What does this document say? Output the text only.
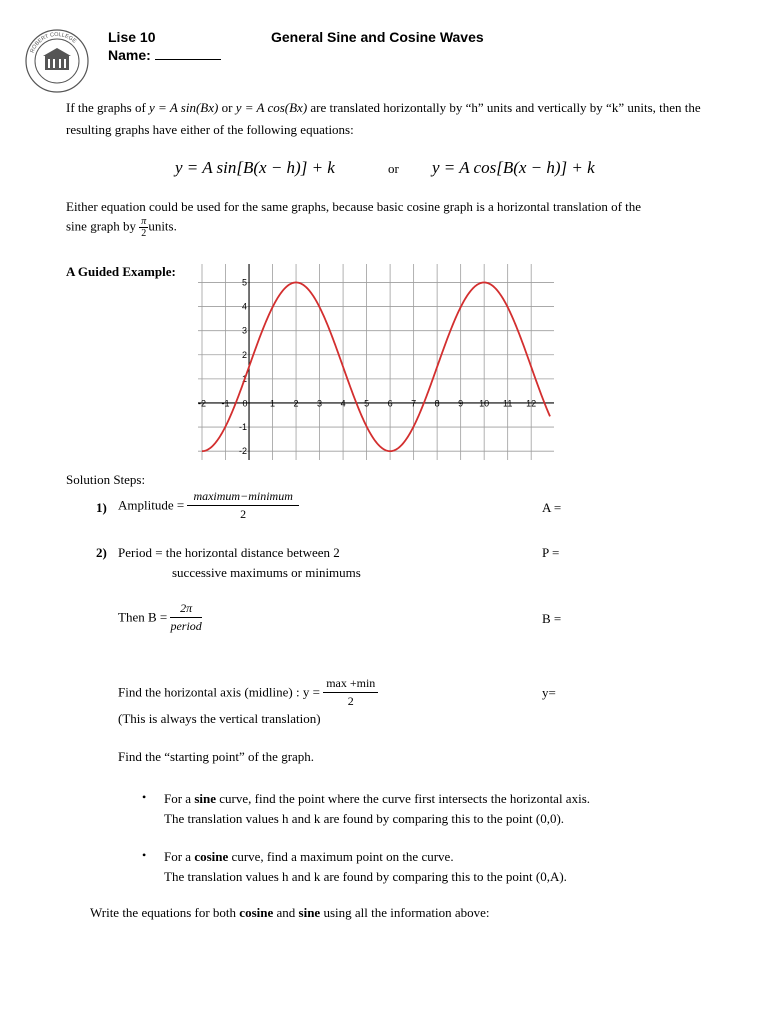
ROBERT COLLEGE Lise 10
Name:
General Sine and Cosine Waves
If the graphs of y = A sin(Bx) or y = A cos(Bx) are translated horizontally by “h” units and vertically by “k” units, then the resulting graphs have either of the following equations:
y = A sin[B(x − h)] + k	or y = A cos[B(x − h)] + k
Either equation could be used for the same graphs, because basic cosine graph is a horizontal translation of the
sine graph by $\frac{\pi}{2}$ units.
A Guided Example:
-2 -1 0 1 2 3 4 5 6 7 8 9 10 11 12
5
4
3
2
1
-1
-2
Solution Steps:
1) Amplitude = $\frac{\text{maximum−minimum}}{2}$	A =
2) Period = the horizontal distance between 2
successive maximums or minimums
P =
Then $B = \frac{2\pi}{\text{period}}$	B =
Find the horizontal axis (midline) : $y = \frac{\max +\min}{2}$	y=
(This is always the vertical translation)
Find the “starting point” of the graph.
• For a sine curve, find the point where the curve first intersects the horizontal axis.
The translation values h and k are found by comparing this to the point (0,0).
• For a cosine curve, find a maximum point on the curve.
The translation values h and k are found by comparing this to the point (0,A).
Write the equations for both cosine and sine using all the information above:
